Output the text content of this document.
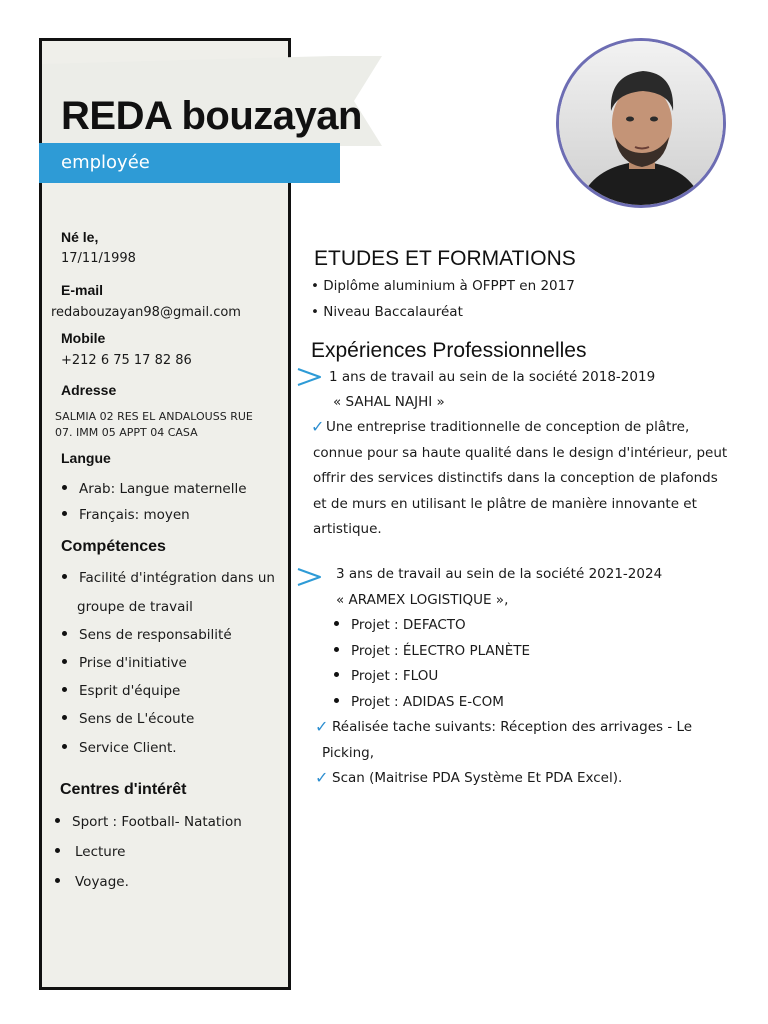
REDA bouzayan
employée
Né le,
17/11/1998
E-mail
redabouzayan98@gmail.com
Mobile
+212 6 75 17 82 86
Adresse
SALMIA 02 RES EL ANDALOUSS RUE
07. IMM 05 APPT 04 CASA
Langue
Arab: Langue maternelle
Français: moyen
Compétences
Facilité d'intégration dans un
groupe de travail
Sens de responsabilité
Prise d'initiative
Esprit d'équipe
Sens de L'écoute
Service Client.
Centres d'intérêt
Sport : Football- Natation
Lecture
Voyage.
ETUDES ET FORMATIONS
• Diplôme aluminium à OFPPT en 2017
• Niveau Baccalauréat
Expériences Professionnelles
1 ans de travail au sein de la société 2018-2019
« SAHAL NAJHI »
✓ Une entreprise traditionnelle de conception de plâtre,
connue pour sa haute qualité dans le design d'intérieur, peut
offrir des services distinctifs dans la conception de plafonds
et de murs en utilisant le plâtre de manière innovante et
artistique.
3 ans de travail au sein de la société 2021-2024
« ARAMEX LOGISTIQUE »,
Projet : DEFACTO
Projet : ÉLECTRO PLANÈTE
Projet : FLOU
Projet : ADIDAS E-COM
✓ Réalisée tache suivants: Réception des arrivages - Le
Picking,
✓ Scan (Maitrise PDA Système Et PDA Excel).
